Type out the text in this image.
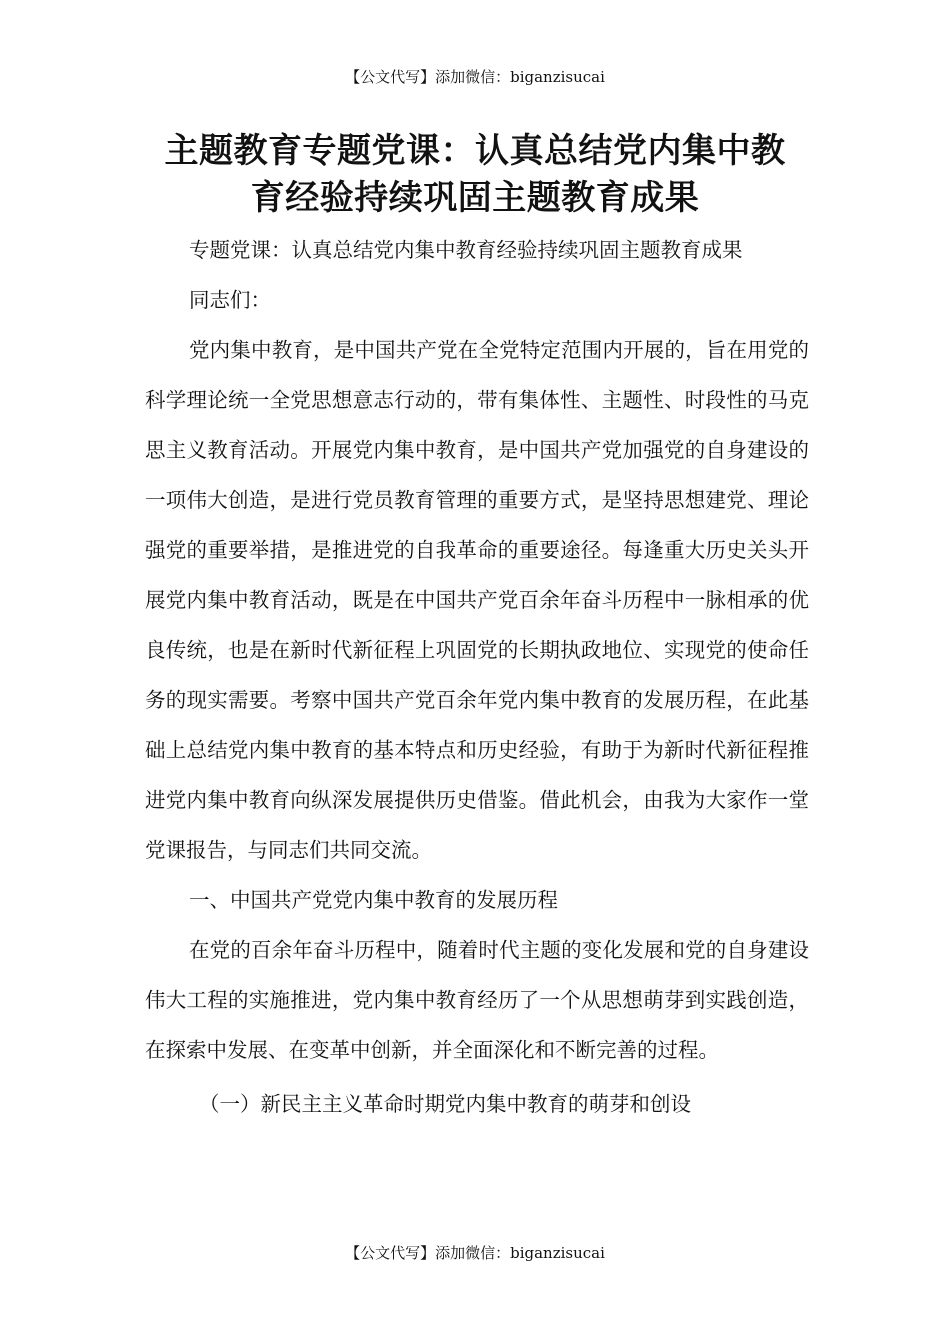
【公文代写】添加微信：biganzisucai
主题教育专题党课：认真总结党内集中教
育经验持续巩固主题教育成果

专题党课：认真总结党内集中教育经验持续巩固主题教育成果

同志们：

党内集中教育，是中国共产党在全党特定范围内开展的，旨在用党的科学理论统一全党思想意志行动的，带有集体性、主题性、时段性的马克思主义教育活动。开展党内集中教育，是中国共产党加强党的自身建设的一项伟大创造，是进行党员教育管理的重要方式，是坚持思想建党、理论强党的重要举措，是推进党的自我革命的重要途径。每逢重大历史关头开展党内集中教育活动，既是在中国共产党百余年奋斗历程中一脉相承的优良传统，也是在新时代新征程上巩固党的长期执政地位、实现党的使命任务的现实需要。考察中国共产党百余年党内集中教育的发展历程，在此基础上总结党内集中教育的基本特点和历史经验，有助于为新时代新征程推进党内集中教育向纵深发展提供历史借鉴。借此机会，由我为大家作一堂党课报告，与同志们共同交流。

一、中国共产党党内集中教育的发展历程

在党的百余年奋斗历程中，随着时代主题的变化发展和党的自身建设伟大工程的实施推进，党内集中教育经历了一个从思想萌芽到实践创造，在探索中发展、在变革中创新，并全面深化和不断完善的过程。

（一）新民主主义革命时期党内集中教育的萌芽和创设

【公文代写】添加微信：biganzisucai
